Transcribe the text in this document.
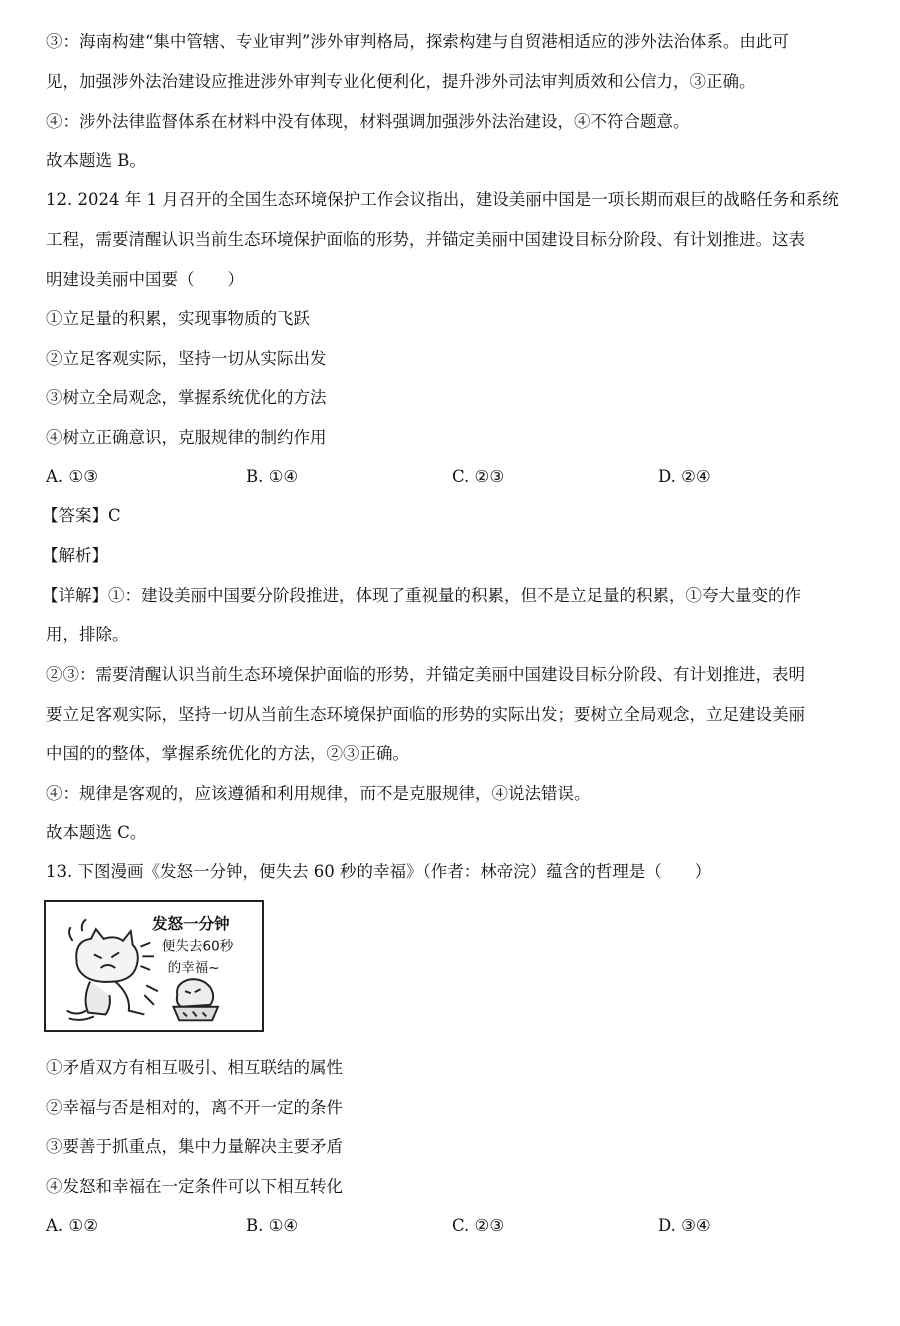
③：海南构建“集中管辖、专业审判”涉外审判格局，探索构建与自贸港相适应的涉外法治体系。由此可
见，加强涉外法治建设应推进涉外审判专业化便利化，提升涉外司法审判质效和公信力，③正确。
④：涉外法律监督体系在材料中没有体现，材料强调加强涉外法治建设，④不符合题意。
故本题选 B。
12. 2024 年 1 月召开的全国生态环境保护工作会议指出，建设美丽中国是一项长期而艰巨的战略任务和系统
工程，需要清醒认识当前生态环境保护面临的形势，并锚定美丽中国建设目标分阶段、有计划推进。这表
明建设美丽中国要（　　）
①立足量的积累，实现事物质的飞跃
②立足客观实际，坚持一切从实际出发
③树立全局观念，掌握系统优化的方法
④树立正确意识，克服规律的制约作用
A. ①③	B. ①④	C. ②③	D. ②④
【答案】C
【解析】
【详解】①：建设美丽中国要分阶段推进，体现了重视量的积累，但不是立足量的积累，①夸大量变的作
用，排除。
②③：需要清醒认识当前生态环境保护面临的形势，并锚定美丽中国建设目标分阶段、有计划推进，表明
要立足客观实际，坚持一切从当前生态环境保护面临的形势的实际出发；要树立全局观念，立足建设美丽
中国的的整体，掌握系统优化的方法，②③正确。
④：规律是客观的，应该遵循和利用规律，而不是克服规律，④说法错误。
故本题选 C。
13. 下图漫画《发怒一分钟，便失去 60 秒的幸福》（作者：林帝浣）蕴含的哲理是（　　）
发怒一分钟
便失去60秒
的幸福~
①矛盾双方有相互吸引、相互联结的属性
②幸福与否是相对的，离不开一定的条件
③要善于抓重点，集中力量解决主要矛盾
④发怒和幸福在一定条件可以下相互转化
A. ①②	B. ①④	C. ②③	D. ③④
